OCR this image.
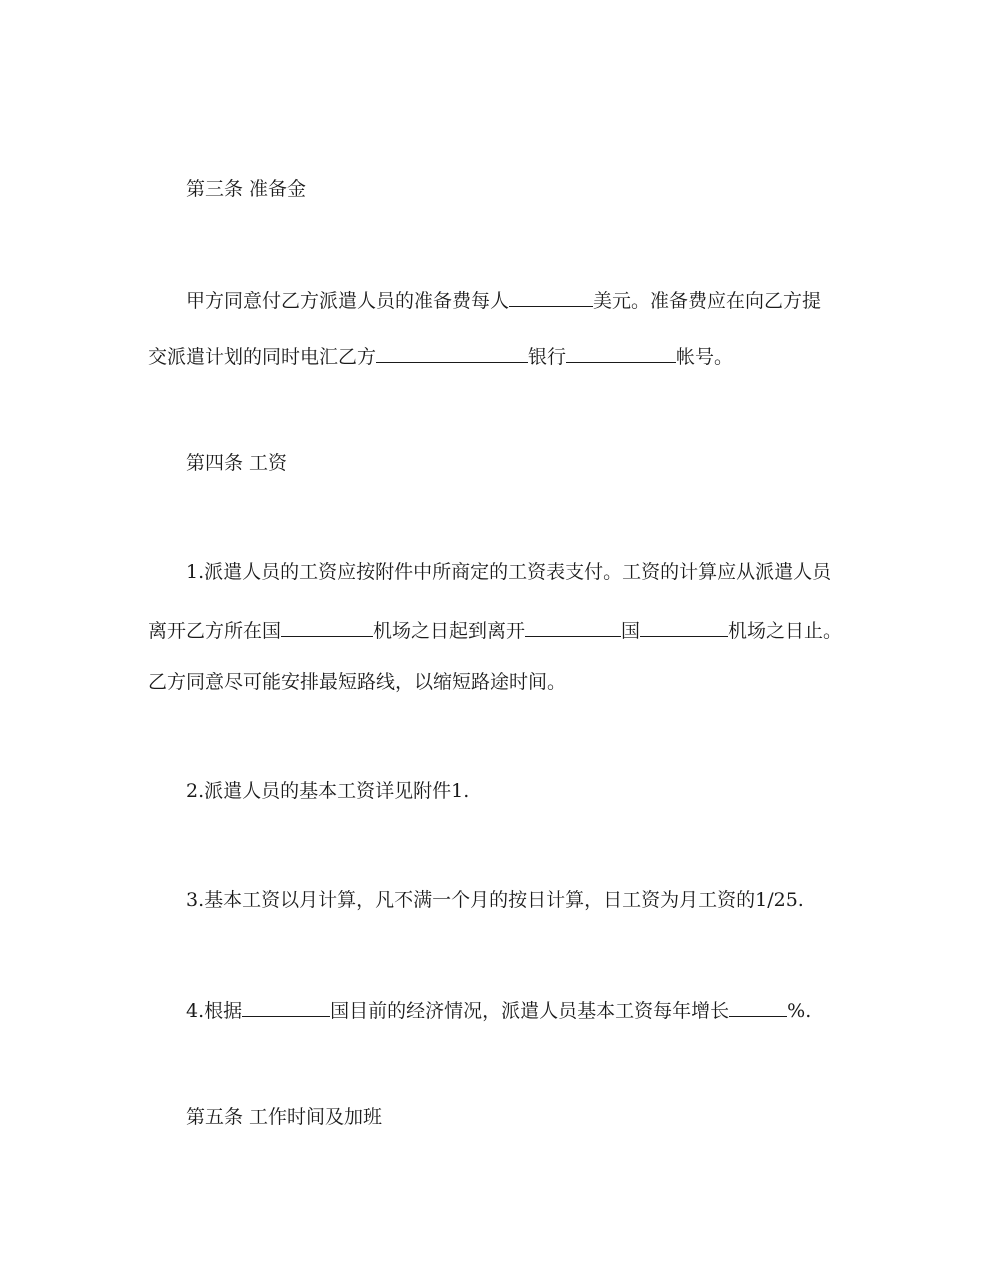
第三条 准备金
甲方同意付乙方派遣人员的准备费每人	美元。准备费应在向乙方提
交派遣计划的同时电汇乙方	银行	帐号。
第四条 工资
1.派遣人员的工资应按附件中所商定的工资表支付。工资的计算应从派遣人员
离开乙方所在国	机场之日起到离开	国	机场之日止。
乙方同意尽可能安排最短路线，以缩短路途时间。
2.派遣人员的基本工资详见附件1.
3.基本工资以月计算，凡不满一个月的按日计算，日工资为月工资的1/25.
4.根据	国目前的经济情况，派遣人员基本工资每年增长	%.
第五条 工作时间及加班
